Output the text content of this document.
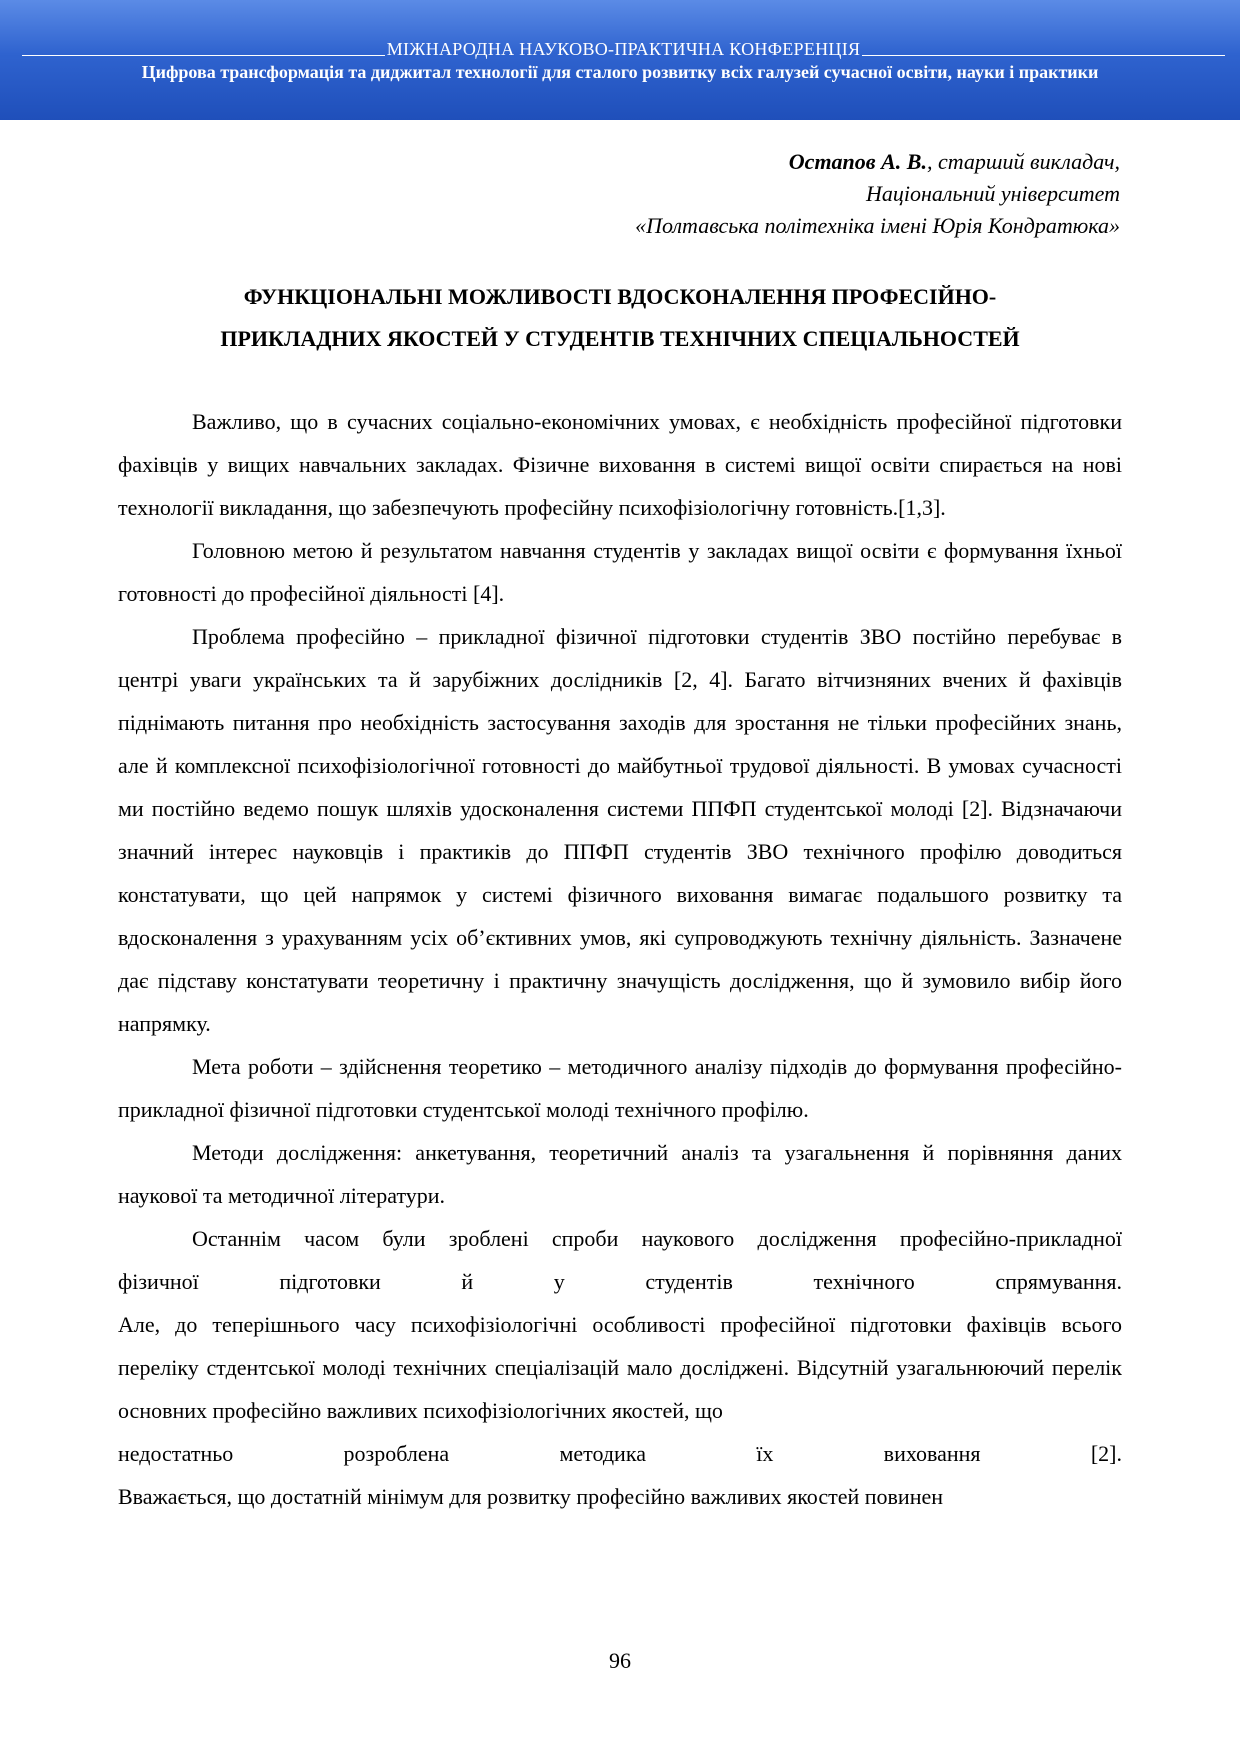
МІЖНАРОДНА НАУКОВО-ПРАКТИЧНА КОНФЕРЕНЦІЯ
Цифрова трансформація та диджитал технології для сталого розвитку всіх галузей сучасної освіти, науки і практики
Остапов А. В., старший викладач,
Національний університет
«Полтавська політехніка імені Юрія Кондратюка»
ФУНКЦІОНАЛЬНІ МОЖЛИВОСТІ ВДОСКОНАЛЕННЯ ПРОФЕСІЙНО-
ПРИКЛАДНИХ ЯКОСТЕЙ У СТУДЕНТІВ ТЕХНІЧНИХ СПЕЦІАЛЬНОСТЕЙ

Важливо, що в сучасних соціально-економічних умовах, є необхідність професійної підготовки фахівців у вищих навчальних закладах. Фізичне виховання в системі вищої освіти спирається на нові технології викладання, що забезпечують професійну психофізіологічну готовність.[1,3].

Головною метою й результатом навчання студентів у закладах вищої освіти є формування їхньої готовності до професійної діяльності [4].

Проблема професійно – прикладної фізичної підготовки студентів ЗВО постійно перебуває в центрі уваги українських та й зарубіжних дослідників [2, 4]. Багато вітчизняних вчених й фахівців піднімають питання про необхідність застосування заходів для зростання не тільки професійних знань, але й комплексної психофізіологічної готовності до майбутньої трудової діяльності. В умовах сучасності ми постійно ведемо пошук шляхів удосконалення системи ППФП студентської молоді [2]. Відзначаючи значний інтерес науковців і практиків до ППФП студентів ЗВО технічного профілю доводиться констатувати, що цей напрямок у системі фізичного виховання вимагає подальшого розвитку та вдосконалення з урахуванням усіх об’єктивних умов, які супроводжують технічну діяльність. Зазначене дає підставу констатувати теоретичну і практичну значущість дослідження, що й зумовило вибір його напрямку.

Мета роботи – здійснення теоретико – методичного аналізу підходів до формування професійно-прикладної фізичної підготовки студентської молоді технічного профілю.

Методи дослідження: анкетування, теоретичний аналіз та узагальнення й порівняння даних наукової та методичної літератури.

Останнім часом були зроблені спроби наукового дослідження професійно-прикладної

фізичної підготовки й у студентів технічного спрямування.

Але, до теперішнього часу психофізіологічні особливості професійної підготовки фахівців всього переліку стдентської молоді технічних спеціалізацій мало досліджені. Відсутній узагальнюючий перелік основних професійно важливих психофізіологічних якостей, що

недостатньо розроблена методика їх виховання [2].

Вважається, що достатній мінімум для розвитку професійно важливих якостей повинен

96
